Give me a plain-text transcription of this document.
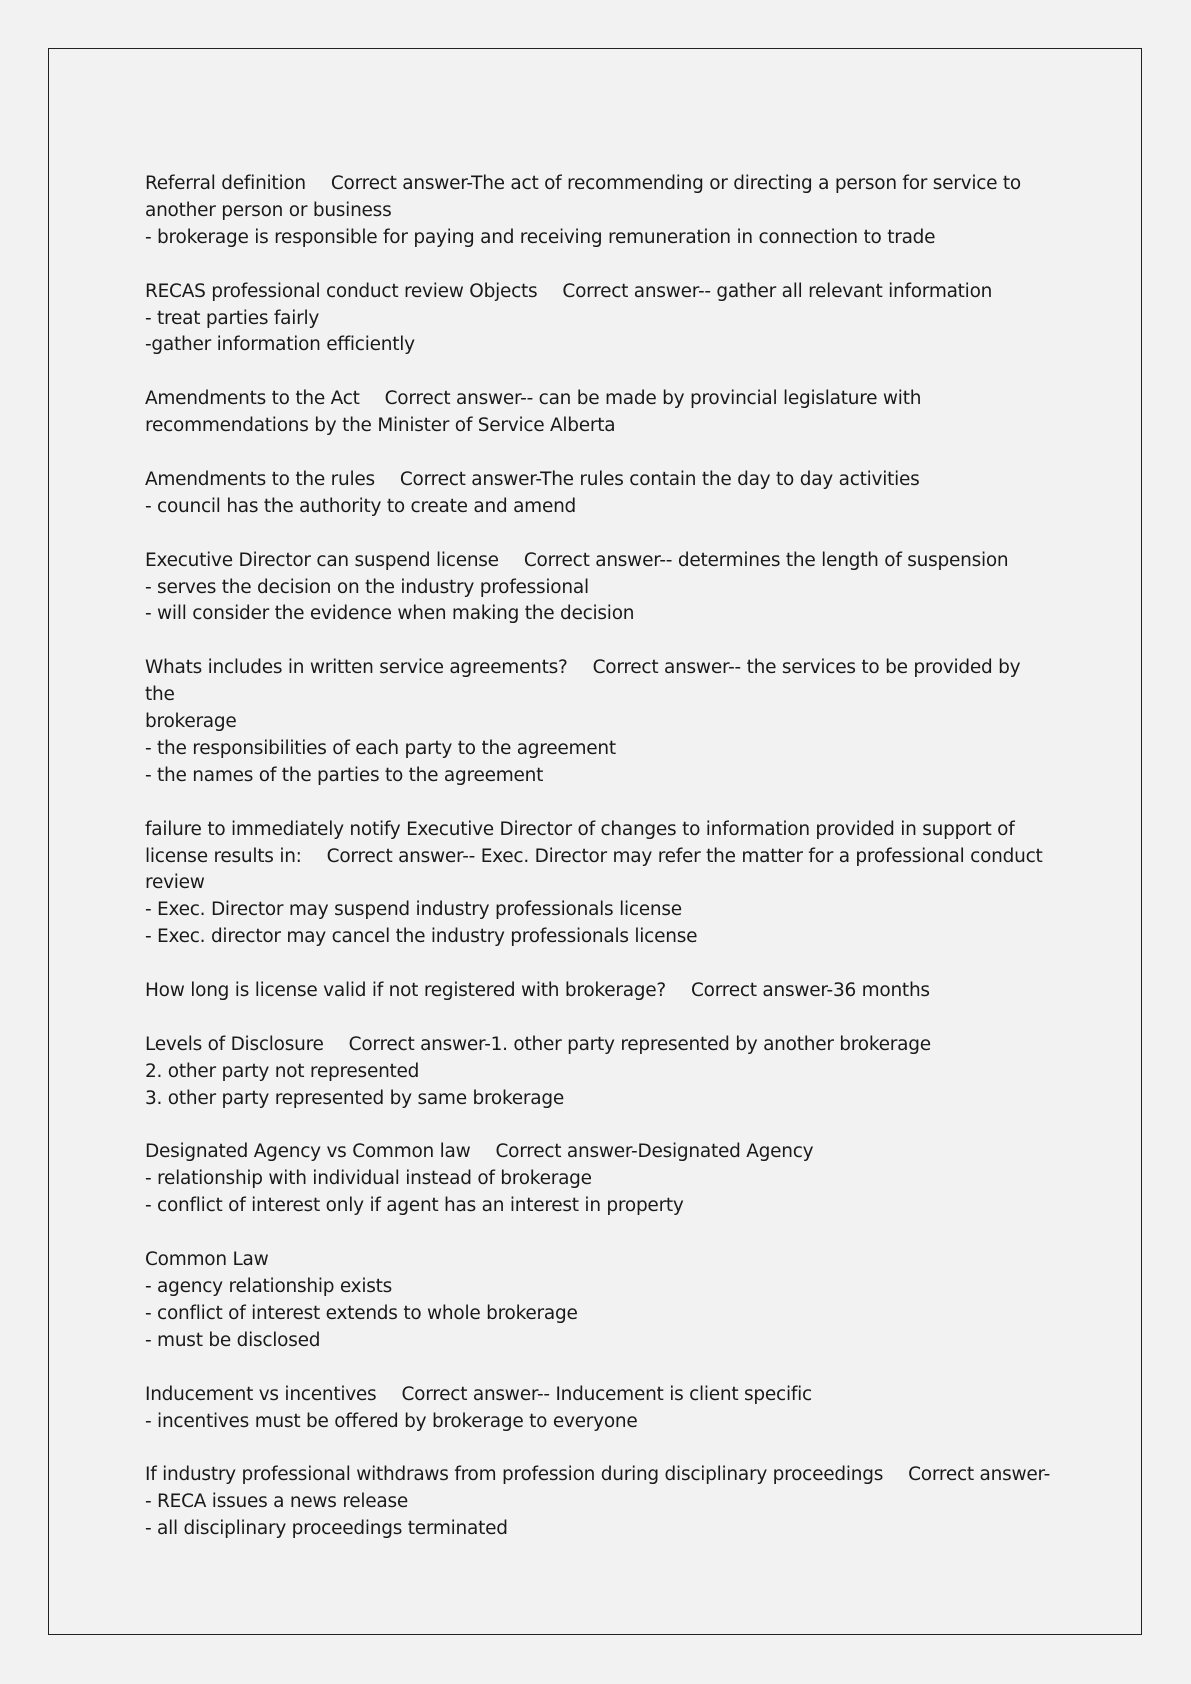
Referral definition Correct answer-The act of recommending or directing a person for service to
another person or business
- brokerage is responsible for paying and receiving remuneration in connection to trade
RECAS professional conduct review Objects Correct answer-- gather all relevant information
- treat parties fairly
-gather information efficiently
Amendments to the Act Correct answer-- can be made by provincial legislature with
recommendations by the Minister of Service Alberta
Amendments to the rules Correct answer-The rules contain the day to day activities
- council has the authority to create and amend
Executive Director can suspend license Correct answer-- determines the length of suspension
- serves the decision on the industry professional
- will consider the evidence when making the decision
Whats includes in written service agreements? Correct answer-- the services to be provided by the
brokerage
- the responsibilities of each party to the agreement
- the names of the parties to the agreement
failure to immediately notify Executive Director of changes to information provided in support of
license results in: Correct answer-- Exec. Director may refer the matter for a professional conduct
review
- Exec. Director may suspend industry professionals license
- Exec. director may cancel the industry professionals license
How long is license valid if not registered with brokerage? Correct answer-36 months
Levels of Disclosure Correct answer-1. other party represented by another brokerage
2. other party not represented
3. other party represented by same brokerage
Designated Agency vs Common law Correct answer-Designated Agency
- relationship with individual instead of brokerage
- conflict of interest only if agent has an interest in property
Common Law
- agency relationship exists
- conflict of interest extends to whole brokerage
- must be disclosed
Inducement vs incentives Correct answer-- Inducement is client specific
- incentives must be offered by brokerage to everyone
If industry professional withdraws from profession during disciplinary proceedings Correct answer-
- RECA issues a news release
- all disciplinary proceedings terminated
